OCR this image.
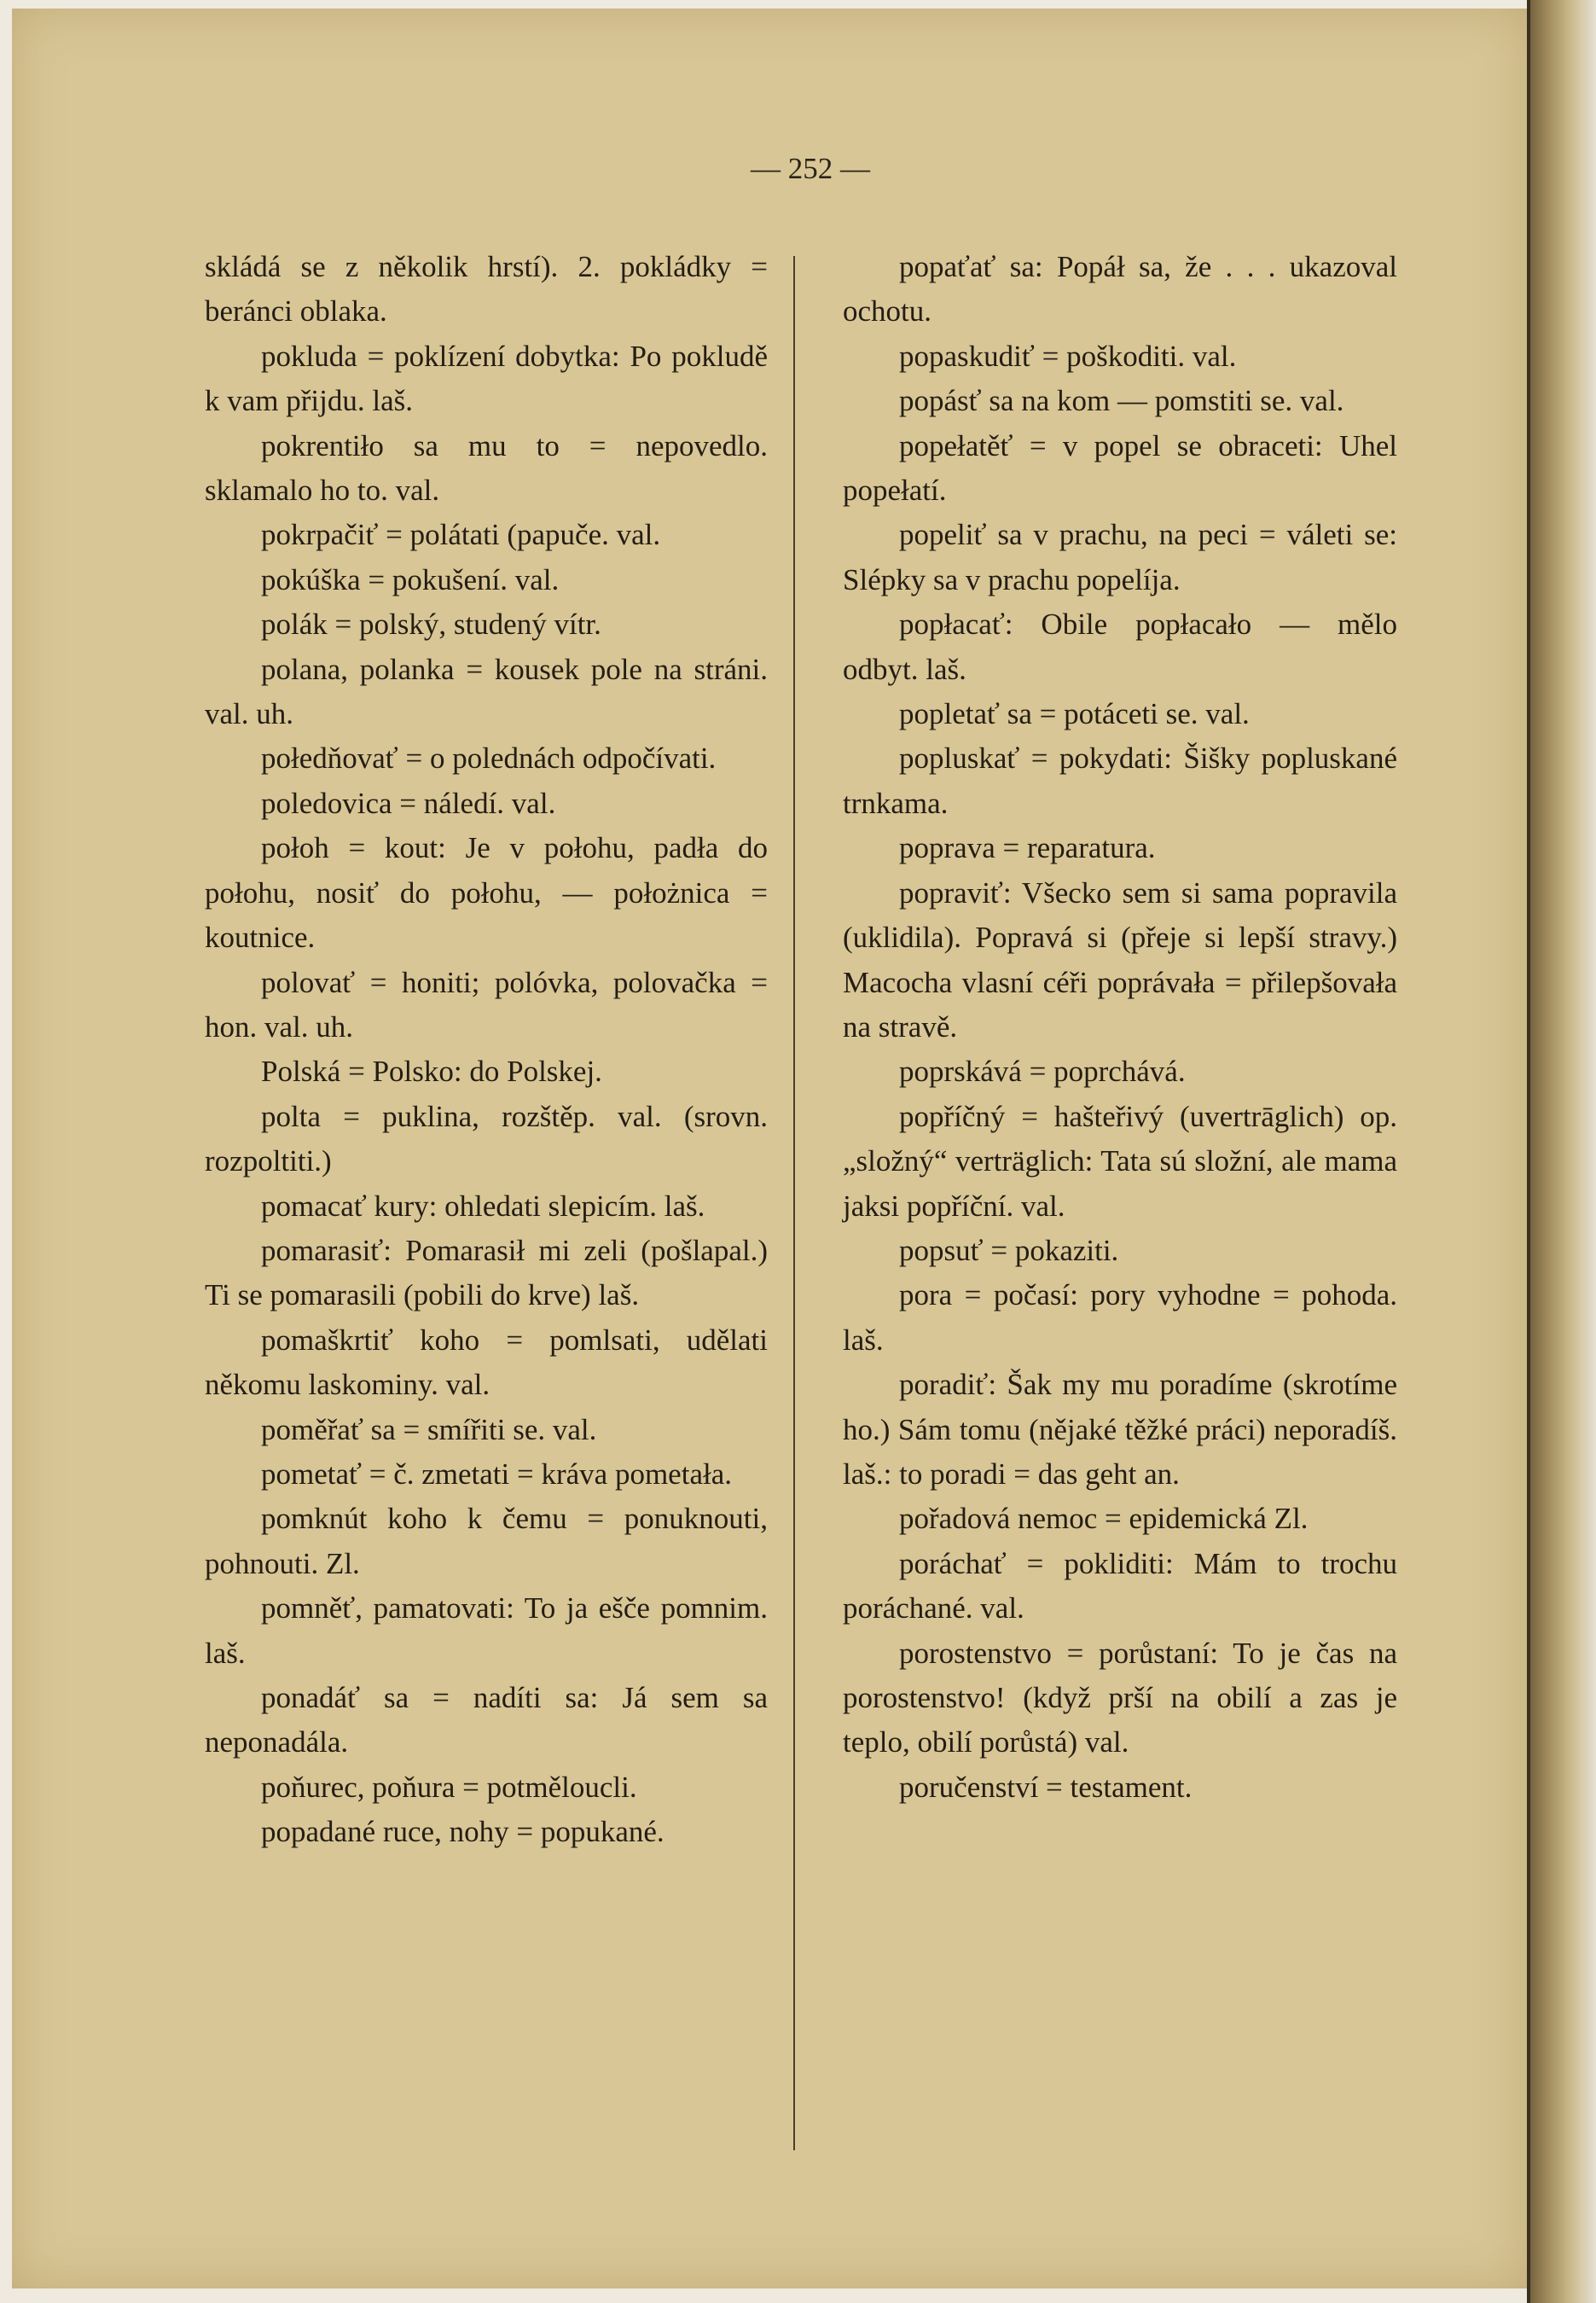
— 252 —

skládá se z několik hrstí). 2. pokládky = beránci oblaka.

pokluda = poklízení dobytka: Po pokludě k vam přijdu. laš.

pokrentiło sa mu to = nepovedlo. sklamalo ho to. val.

pokrpačiť = polátati (papuče. val.

pokúška = pokušení. val.

polák = polský, studený vítr.

polana, polanka = kousek pole na stráni. val. uh.

połedňovať = o polednách odpočívati.

poledovica = náledí. val.

połoh = kout: Je v połohu, padła do połohu, nosiť do połohu, — położnica = koutnice.

polovať = honiti; polóvka, polovačka = hon. val. uh.

Polská = Polsko: do Polskej.

polta = puklina, rozštěp. val. (srovn. rozpoltiti.)

pomacať kury: ohledati slepicím. laš.

pomarasiť: Pomarasił mi zeli (pošlapal.) Ti se pomarasili (pobili do krve) laš.

pomaškrtiť koho = pomlsati, udělati někomu laskominy. val.

poměřať sa = smířiti se. val.

pometať = č. zmetati = kráva pometała.

pomknút koho k čemu = ponuknouti, pohnouti. Zl.

pomněť, pamatovati: To ja ešče pomnim. laš.

ponadáť sa = nadíti sa: Já sem sa neponadála.

poňurec, poňura = potměloucli.

popadané ruce, nohy = popukané.

popaťať sa: Popáł sa, že . . . ukazoval ochotu.

popaskudiť = poškoditi. val.

popásť sa na kom — pomstiti se. val.

popełatěť = v popel se obraceti: Uhel popełatí.

popeliť sa v prachu, na peci = váleti se: Slépky sa v prachu popelíja.

popłacať: Obile popłacało — mělo odbyt. laš.

popletať sa = potáceti se. val.

popluskať = pokydati: Šišky popluskané trnkama.

poprava = reparatura.

popraviť: Všecko sem si sama popravila (uklidila). Popravá si (přeje si lepší stravy.) Macocha vlasní céři poprávała = přilepšovała na stravě.

poprskává = poprchává.

popříčný = hašteřivý (uvertrāglich) op. „složný“ verträglich: Tata sú složní, ale mama jaksi popříční. val.

popsuť = pokaziti.

pora = počasí: pory vyhodne = pohoda. laš.

poradiť: Šak my mu poradíme (skrotíme ho.) Sám tomu (nějaké těžké práci) neporadíš. laš.: to poradi = das geht an.

pořadová nemoc = epidemická Zl.

poráchať = pokliditi: Mám to trochu poráchané. val.

porostenstvo = porůstaní: To je čas na porostenstvo! (když prší na obilí a zas je teplo, obilí porůstá) val.

poručenství = testament.
